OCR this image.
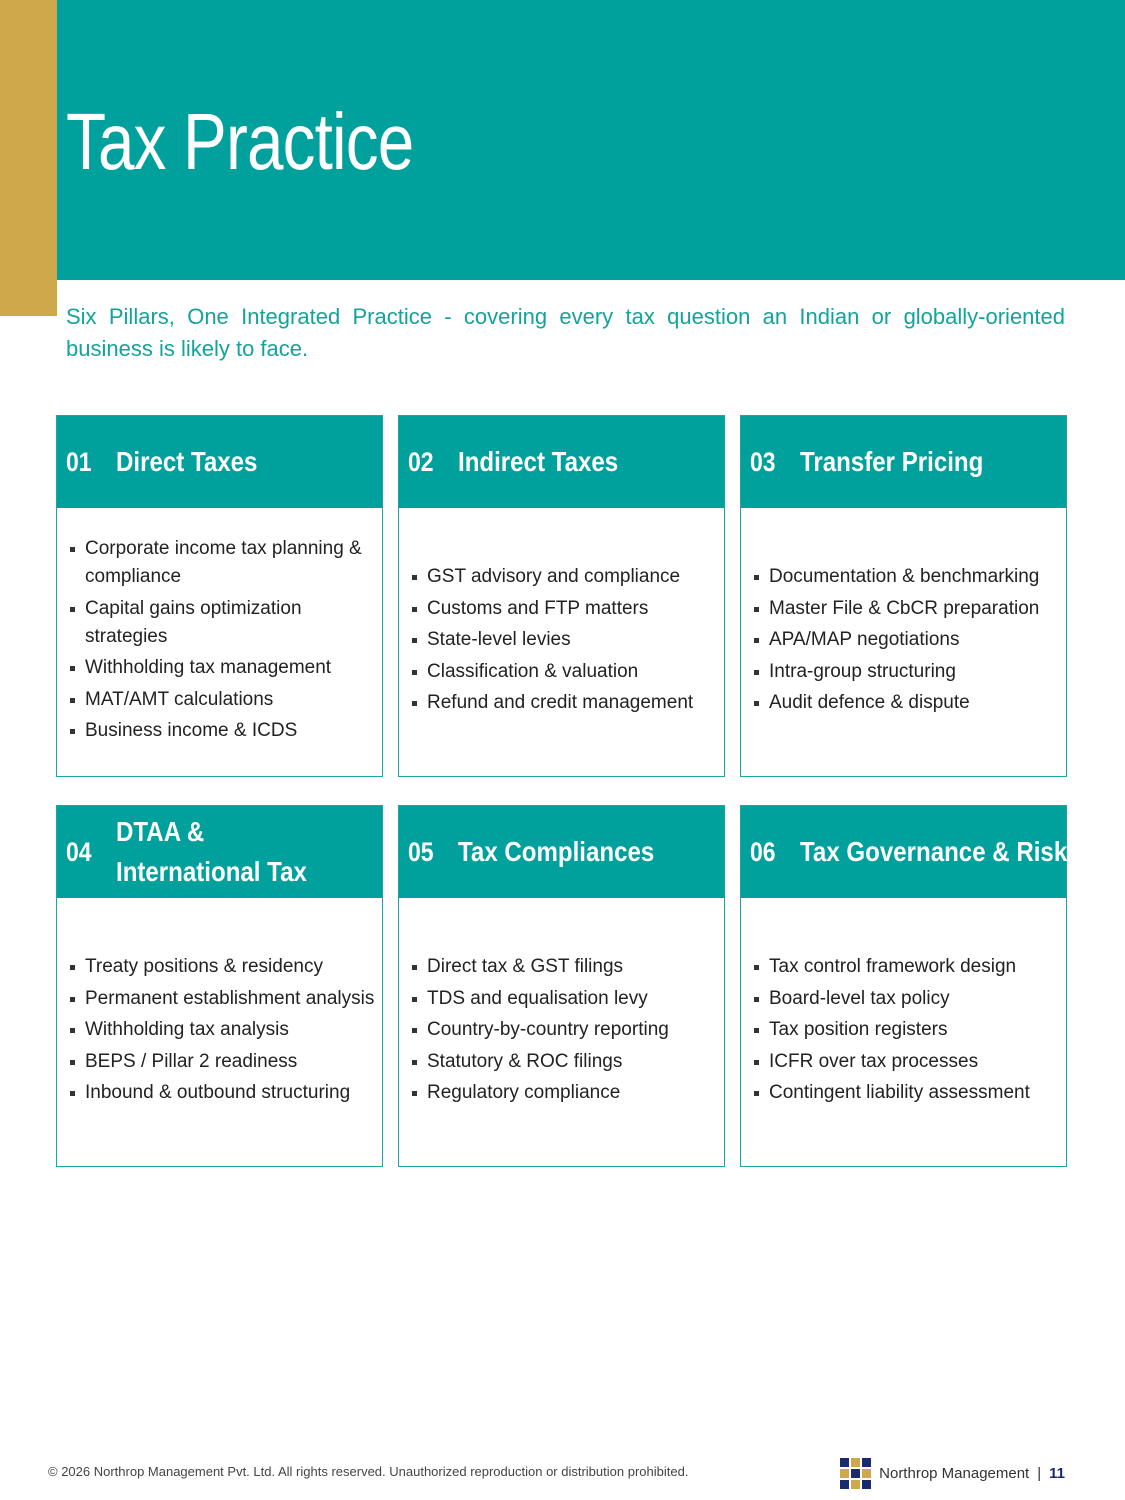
Tax Practice

Six Pillars, One Integrated Practice - covering every tax question an Indian or globally-oriented business is likely to face.

01 Direct Taxes
Corporate income tax planning & compliance
Capital gains optimization strategies
Withholding tax management
MAT/AMT calculations
Business income & ICDS
02 Indirect Taxes
GST advisory and compliance
Customs and FTP matters
State-level levies
Classification & valuation
Refund and credit management
03 Transfer Pricing
Documentation & benchmarking
Master File & CbCR preparation
APA/MAP negotiations
Intra-group structuring
Audit defence & dispute
04
DTAA & International Tax
Treaty positions & residency
Permanent establishment analysis
Withholding tax analysis
BEPS / Pillar 2 readiness
Inbound & outbound structuring
05 Tax Compliances
Direct tax & GST filings
TDS and equalisation levy
Country-by-country reporting
Statutory & ROC filings
Regulatory compliance
06 Tax Governance & Risk
Tax control framework design
Board-level tax policy
Tax position registers
ICFR over tax processes
Contingent liability assessment
© 2026 Northrop Management Pvt. Ltd. All rights reserved. Unauthorized reproduction or distribution prohibited.	Northrop Management | 11
